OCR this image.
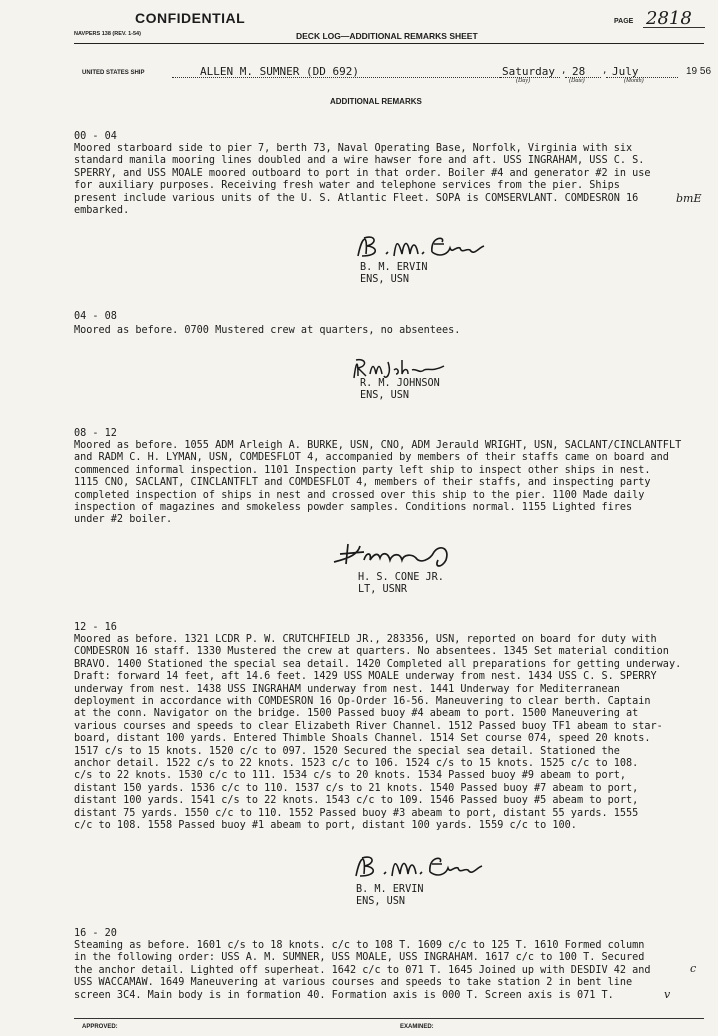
CONFIDENTIAL
NAVPERS 138 (REV. 1-54)	DECK LOG—ADDITIONAL REMARKS SHEET
PAGE 2818
UNITED STATES SHIP	ALLEN M. SUMNER (DD 692)	Saturday
(Day)
, 28
(Date)
, July
(Month)
19 56
ADDITIONAL REMARKS
00 - 04
Moored starboard side to pier 7, berth 73, Naval Operating Base, Norfolk, Virginia with six
standard manila mooring lines doubled and a wire hawser fore and aft. USS INGRAHAM, USS C. S.
SPERRY, and USS MOALE moored outboard to port in that order. Boiler #4 and generator #2 in use
for auxiliary purposes. Receiving fresh water and telephone services from the pier. Ships
present include various units of the U. S. Atlantic Fleet. SOPA is COMSERVLANT. COMDESRON 16
embarked.
B. M. ERVIN
ENS, USN
04 - 08
Moored as before. 0700 Mustered crew at quarters, no absentees.
R. M. JOHNSON
ENS, USN
08 - 12
Moored as before. 1055 ADM Arleigh A. BURKE, USN, CNO, ADM Jerauld WRIGHT, USN, SACLANT/CINCLANTFLT
and RADM C. H. LYMAN, USN, COMDESFLOT 4, accompanied by members of their staffs came on board and
commenced informal inspection. 1101 Inspection party left ship to inspect other ships in nest.
1115 CNO, SACLANT, CINCLANTFLT and COMDESFLOT 4, members of their staffs, and inspecting party
completed inspection of ships in nest and crossed over this ship to the pier. 1100 Made daily
inspection of magazines and smokeless powder samples. Conditions normal. 1155 Lighted fires
under #2 boiler.
H. S. CONE JR.
LT, USNR
12 - 16
Moored as before. 1321 LCDR P. W. CRUTCHFIELD JR., 283356, USN, reported on board for duty with
COMDESRON 16 staff. 1330 Mustered the crew at quarters. No absentees. 1345 Set material condition
BRAVO. 1400 Stationed the special sea detail. 1420 Completed all preparations for getting underway.
Draft: forward 14 feet, aft 14.6 feet. 1429 USS MOALE underway from nest. 1434 USS C. S. SPERRY
underway from nest. 1438 USS INGRAHAM underway from nest. 1441 Underway for Mediterranean
deployment in accordance with COMDESRON 16 Op-Order 16-56. Maneuvering to clear berth. Captain
at the conn. Navigator on the bridge. 1500 Passed buoy #4 abeam to port. 1500 Maneuvering at
various courses and speeds to clear Elizabeth River Channel. 1512 Passed buoy TF1 abeam to star-
board, distant 100 yards. Entered Thimble Shoals Channel. 1514 Set course 074, speed 20 knots.
1517 c/s to 15 knots. 1520 c/c to 097. 1520 Secured the special sea detail. Stationed the
anchor detail. 1522 c/s to 22 knots. 1523 c/c to 106. 1524 c/s to 15 knots. 1525 c/c to 108.
c/s to 22 knots. 1530 c/c to 111. 1534 c/s to 20 knots. 1534 Passed buoy #9 abeam to port,
distant 150 yards. 1536 c/c to 110. 1537 c/s to 21 knots. 1540 Passed buoy #7 abeam to port,
distant 100 yards. 1541 c/s to 22 knots. 1543 c/c to 109. 1546 Passed buoy #5 abeam to port,
distant 75 yards. 1550 c/c to 110. 1552 Passed buoy #3 abeam to port, distant 55 yards. 1555
c/c to 108. 1558 Passed buoy #1 abeam to port, distant 100 yards. 1559 c/c to 100.
B. M. ERVIN
ENS, USN
16 - 20
Steaming as before. 1601 c/s to 18 knots. c/c to 108 T. 1609 c/c to 125 T. 1610 Formed column
in the following order: USS A. M. SUMNER, USS MOALE, USS INGRAHAM. 1617 c/c to 100 T. Secured
the anchor detail. Lighted off superheat. 1642 c/c to 071 T. 1645 Joined up with DESDIV 42 and
USS WACCAMAW. 1649 Maneuvering at various courses and speeds to take station 2 in bent line
screen 3C4. Main body is in formation 40. Formation axis is 000 T. Screen axis is 071 T.
bmE
c
v
APPROVED:	EXAMINED:
